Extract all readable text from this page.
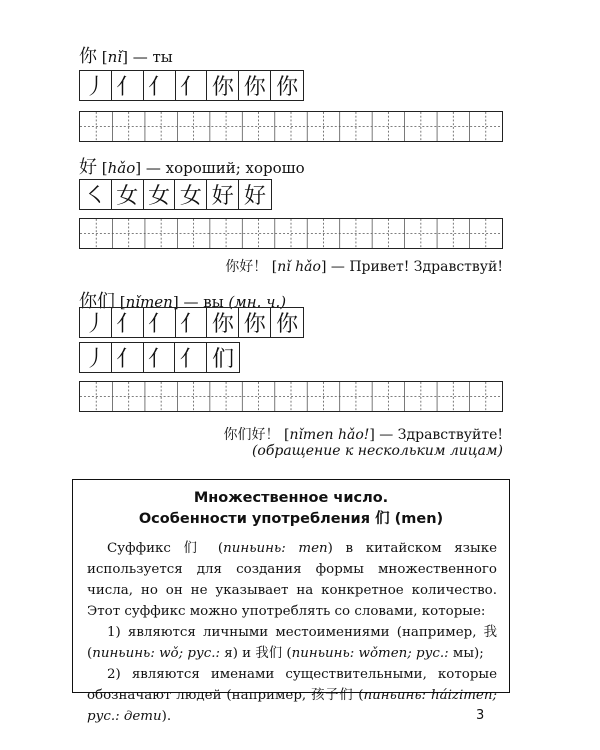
你 [nǐ] — ты
丿 亻 亻 亻 你 你 你
好 [hǎo] — хороший; хорошо
㇛ 女 女 女 好 好
你好！ [nǐ hǎo] — Привет! Здравствуй!
你们 [nǐmen] — вы (мн. ч.)
丿 亻 亻 亻 你 你 你
丿 亻 亻 亻 们
你们好！ [nǐmen hǎo!] — Здравствуйте!
(обращение к нескольким лицам)
Множественное число.
Особенности употребления 们 (men)

Суффикс 们 (пиньинь: men) в китайском языке используется для создания формы множественного числа, но он не указывает на конкретное количество. Этот суффикс можно употреблять со словами, которые:

1) являются личными местоимениями (например, 我(пиньинь: wǒ; рус.: я) и 我们 (пиньинь: wǒmen; рус.: мы);

2) являются именами существительными, которые обозначают людей (например, 孩子们 (пиньинь: háizimen; рус.: дети).	3
